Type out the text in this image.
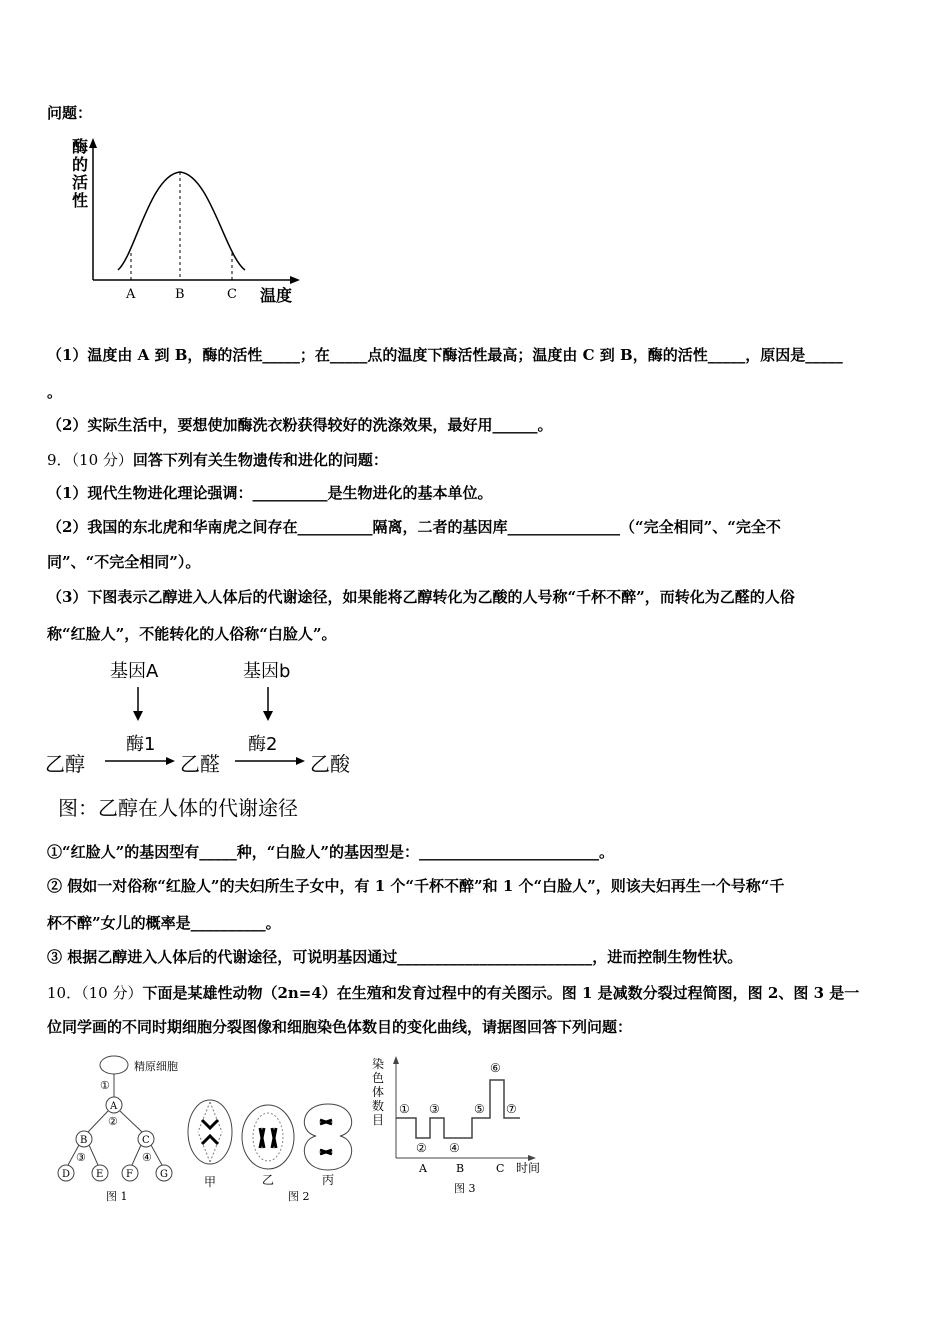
问题：
酶
的
活
性
A	B	C 温度
（1）温度由 A 到 B，酶的活性_____；在_____点的温度下酶活性最高；温度由 C 到 B，酶的活性_____，原因是_____
。
（2）实际生活中，要想使加酶洗衣粉获得较好的洗涤效果，最好用______。
9．（10 分）回答下列有关生物遗传和进化的问题：
（1）现代生物进化理论强调：__________是生物进化的基本单位。
（2）我国的东北虎和华南虎之间存在__________隔离，二者的基因库_______________（“完全相同”、“完全不
同”、“不完全相同”）。
（3）下图表示乙醇进入人体后的代谢途径，如果能将乙醇转化为乙酸的人号称“千杯不醉”，而转化为乙醛的人俗
称“红脸人”，不能转化的人俗称“白脸人”。
基因A	基因b
酶1	酶2
乙醇	乙醛	乙酸
图：乙醇在人体的代谢途径
①“红脸人”的基因型有_____种，“白脸人”的基因型是：________________________。
② 假如一对俗称“红脸人”的夫妇所生子女中，有 1 个“千杯不醉”和 1 个“白脸人”，则该夫妇再生一个号称“千
杯不醉”女儿的概率是__________。
③ 根据乙醇进入人体后的代谢途径，可说明基因通过__________________________，进而控制生物性状。
10．（10 分）下面是某雄性动物（2n=4）在生殖和发育过程中的有关图示。图 1 是减数分裂过程简图，图 2、图 3 是一
位同学画的不同时期细胞分裂图像和细胞染色体数目的变化曲线，请据图回答下列问题：
精原细胞
①
A
②
B	C
③	④
D	E F	G
图 1
甲	乙	丙
图 2
染
色
体
数
目
①
②
③
④
⑤
⑥
⑦
A	B	C 时间
图 3
